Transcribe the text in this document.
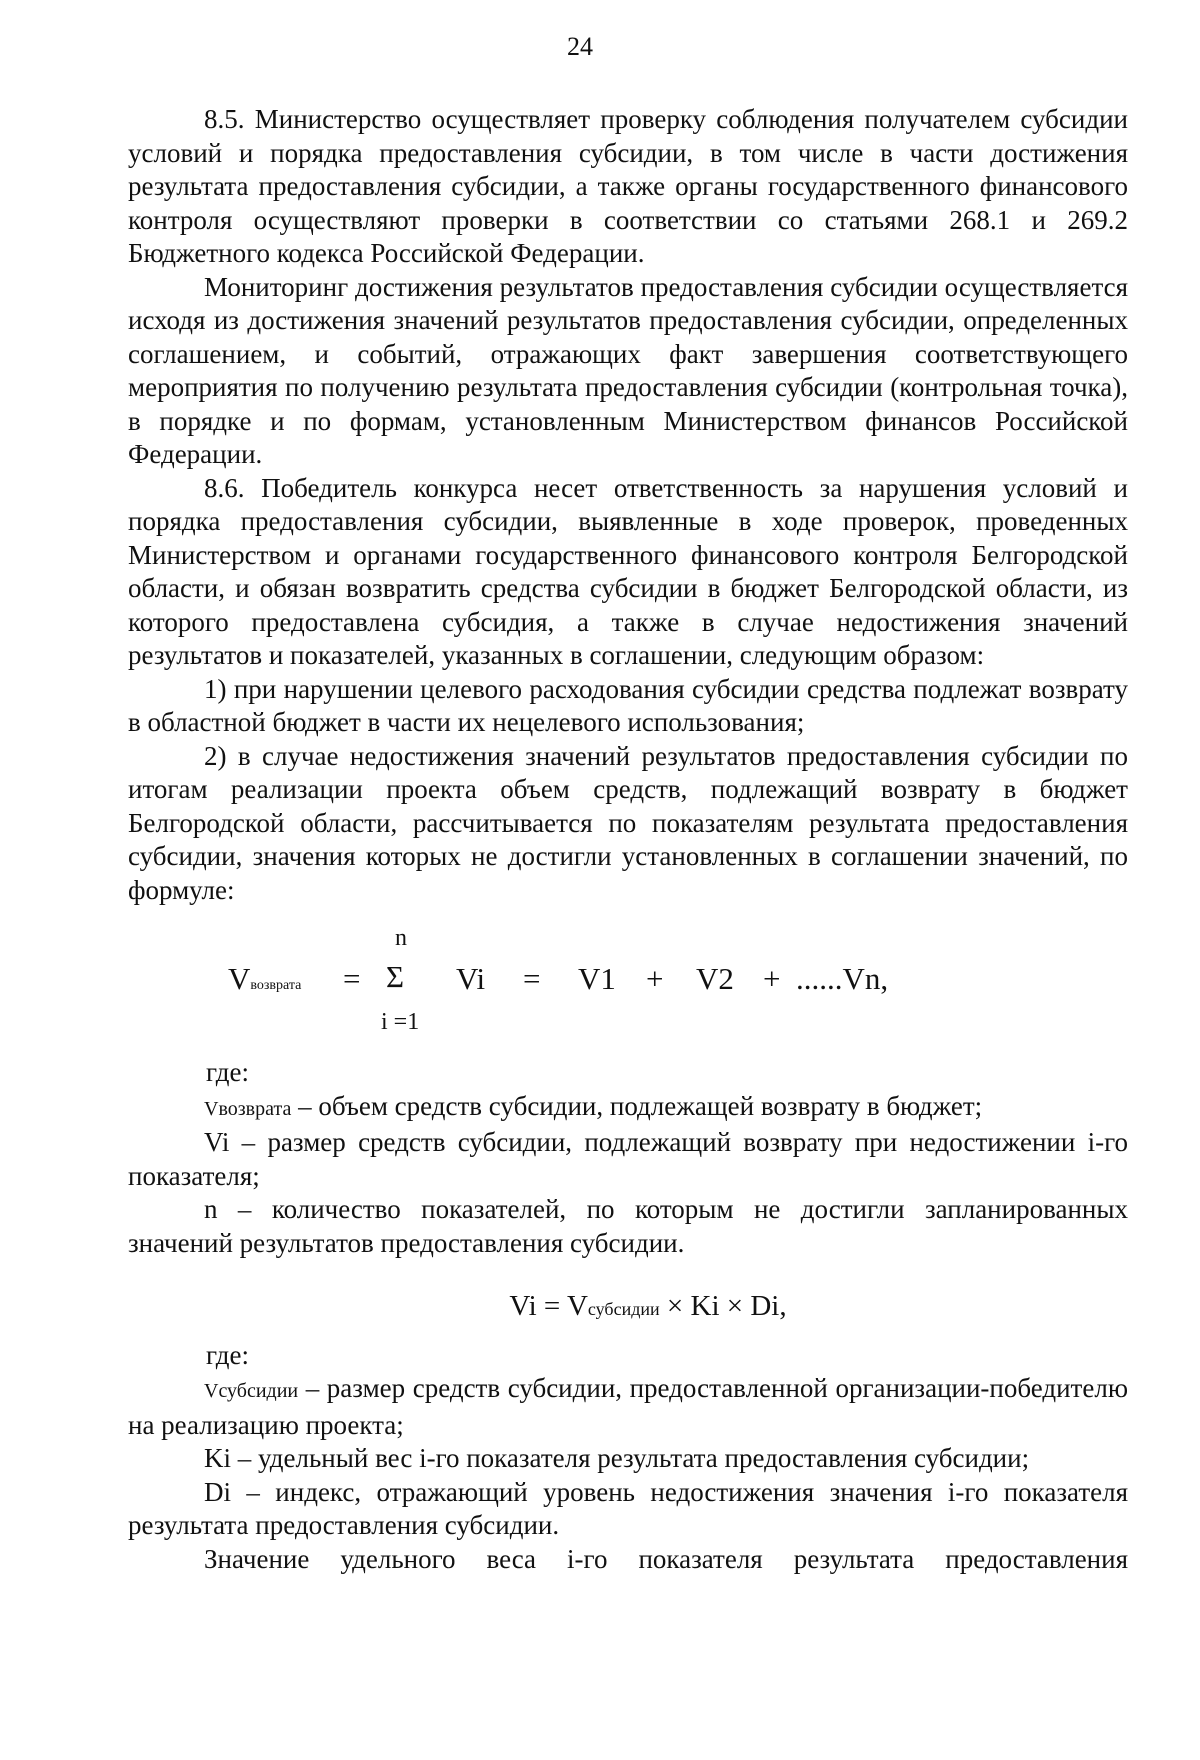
24

8.5. Министерство осуществляет проверку соблюдения получателем субсидии условий и порядка предоставления субсидии, в том числе в части достижения результата предоставления субсидии, а также органы государственного финансового контроля осуществляют проверки в соответствии со статьями 268.1 и 269.2 Бюджетного кодекса Российской Федерации.

Мониторинг достижения результатов предоставления субсидии осуществляется исходя из достижения значений результатов предоставления субсидии, определенных соглашением, и событий, отражающих факт завершения соответствующего мероприятия по получению результата предоставления субсидии (контрольная точка), в порядке и по формам, установленным Министерством финансов Российской Федерации.

8.6. Победитель конкурса несет ответственность за нарушения условий и порядка предоставления субсидии, выявленные в ходе проверок, проведенных Министерством и органами государственного финансового контроля Белгородской области, и обязан возвратить средства субсидии в бюджет Белгородской области, из которого предоставлена субсидия, а также в случае недостижения значений результатов и показателей, указанных в соглашении, следующим образом:

1) при нарушении целевого расходования субсидии средства подлежат возврату в областной бюджет в части их нецелевого использования;

2) в случае недостижения значений результатов предоставления субсидии по итогам реализации проекта объем средств, подлежащий возврату в бюджет Белгородской области, рассчитывается по показателям результата предоставления субсидии, значения которых не достигли установленных в соглашении значений, по формуле:

Vвозврата =
n
Σ
i =1
Vi = V1 + V2 + ......Vn,

где:

Vвозврата – объем средств субсидии, подлежащей возврату в бюджет;

Vi – размер средств субсидии, подлежащий возврату при недостижении i-го показателя;

n – количество показателей, по которым не достигли запланированных значений результатов предоставления субсидии.

Vi = Vсубсидии × Ki × Di,

где:

Vсубсидии – размер средств субсидии, предоставленной организации-победителю на реализацию проекта;

Ki – удельный вес i-го показателя результата предоставления субсидии;

Di – индекс, отражающий уровень недостижения значения i-го показателя результата предоставления субсидии.

Значение удельного веса i-го показателя результата предоставления
